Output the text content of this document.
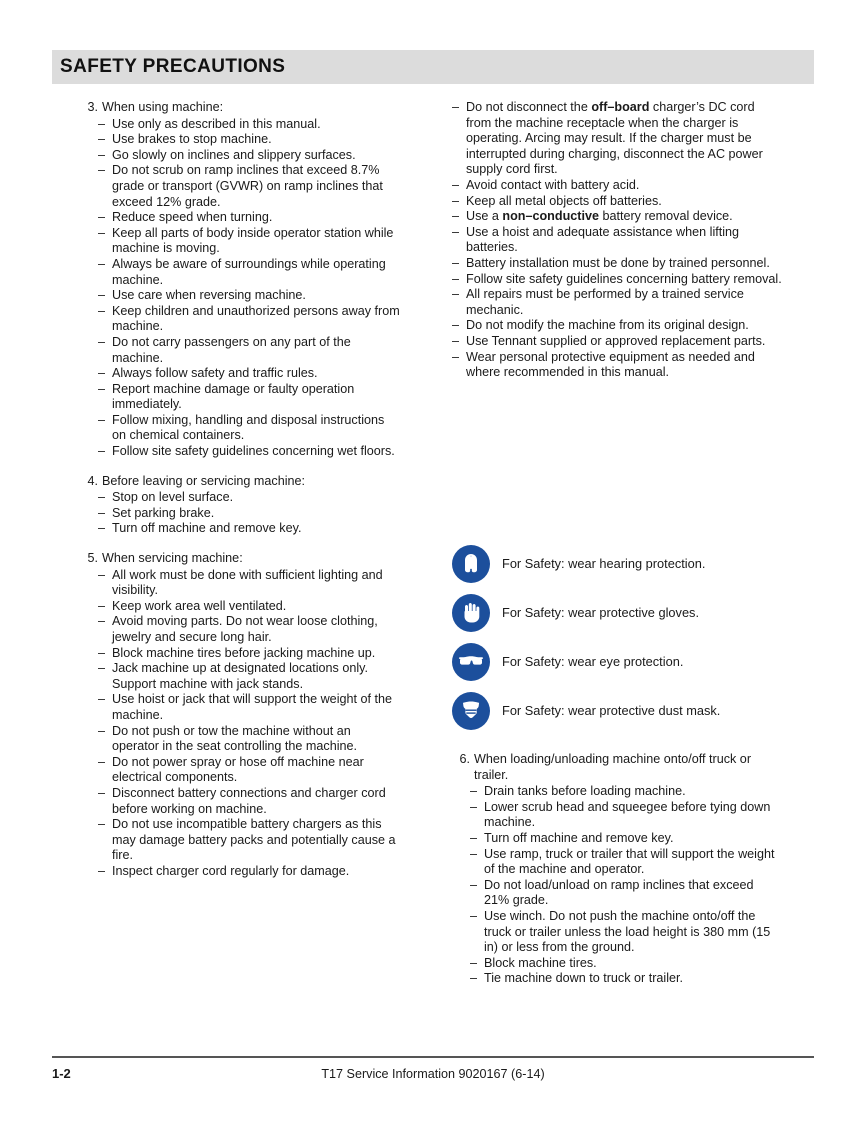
SAFETY PRECAUTIONS
3. When using machine:
– Use only as described in this manual.
– Use brakes to stop machine.
– Go slowly on inclines and slippery surfaces.
– Do not scrub on ramp inclines that exceed 8.7% grade or transport (GVWR) on ramp inclines that exceed 12% grade.
– Reduce speed when turning.
– Keep all parts of body inside operator station while machine is moving.
– Always be aware of surroundings while operating machine.
– Use care when reversing machine.
– Keep children and unauthorized persons away from machine.
– Do not carry passengers on any part of the machine.
– Always follow safety and traffic rules.
– Report machine damage or faulty operation immediately.
– Follow mixing, handling and disposal instructions on chemical containers.
– Follow site safety guidelines concerning wet floors.
4. Before leaving or servicing machine:
– Stop on level surface.
– Set parking brake.
– Turn off machine and remove key.
5. When servicing machine:
– All work must be done with sufficient lighting and visibility.
– Keep work area well ventilated.
– Avoid moving parts. Do not wear loose clothing, jewelry and secure long hair.
– Block machine tires before jacking machine up.
– Jack machine up at designated locations only. Support machine with jack stands.
– Use hoist or jack that will support the weight of the machine.
– Do not push or tow the machine without an operator in the seat controlling the machine.
– Do not power spray or hose off machine near electrical components.
– Disconnect battery connections and charger cord before working on machine.
– Do not use incompatible battery chargers as this may damage battery packs and potentially cause a fire.
– Inspect charger cord regularly for damage.
– Do not disconnect the off–board charger’s DC cord from the machine receptacle when the charger is operating. Arcing may result. If the charger must be interrupted during charging, disconnect the AC power supply cord first.
– Avoid contact with battery acid.
– Keep all metal objects off batteries.
– Use a non–conductive battery removal device.
– Use a hoist and adequate assistance when lifting batteries.
– Battery installation must be done by trained personnel.
– Follow site safety guidelines concerning battery removal.
– All repairs must be performed by a trained service mechanic.
– Do not modify the machine from its original design.
– Use Tennant supplied or approved replacement parts.
– Wear personal protective equipment as needed and where recommended in this manual.
For Safety: wear hearing protection.
For Safety: wear protective gloves.
For Safety: wear eye protection.
For Safety: wear protective dust mask.
6. When loading/unloading machine onto/off truck or trailer.
– Drain tanks before loading machine.
– Lower scrub head and squeegee before tying down machine.
– Turn off machine and remove key.
– Use ramp, truck or trailer that will support the weight of the machine and operator.
– Do not load/unload on ramp inclines that exceed 21% grade.
– Use winch. Do not push the machine onto/off the truck or trailer unless the load height is 380 mm (15 in) or less from the ground.
– Block machine tires.
– Tie machine down to truck or trailer.
1-2	T17 Service Information 9020167 (6-14)
